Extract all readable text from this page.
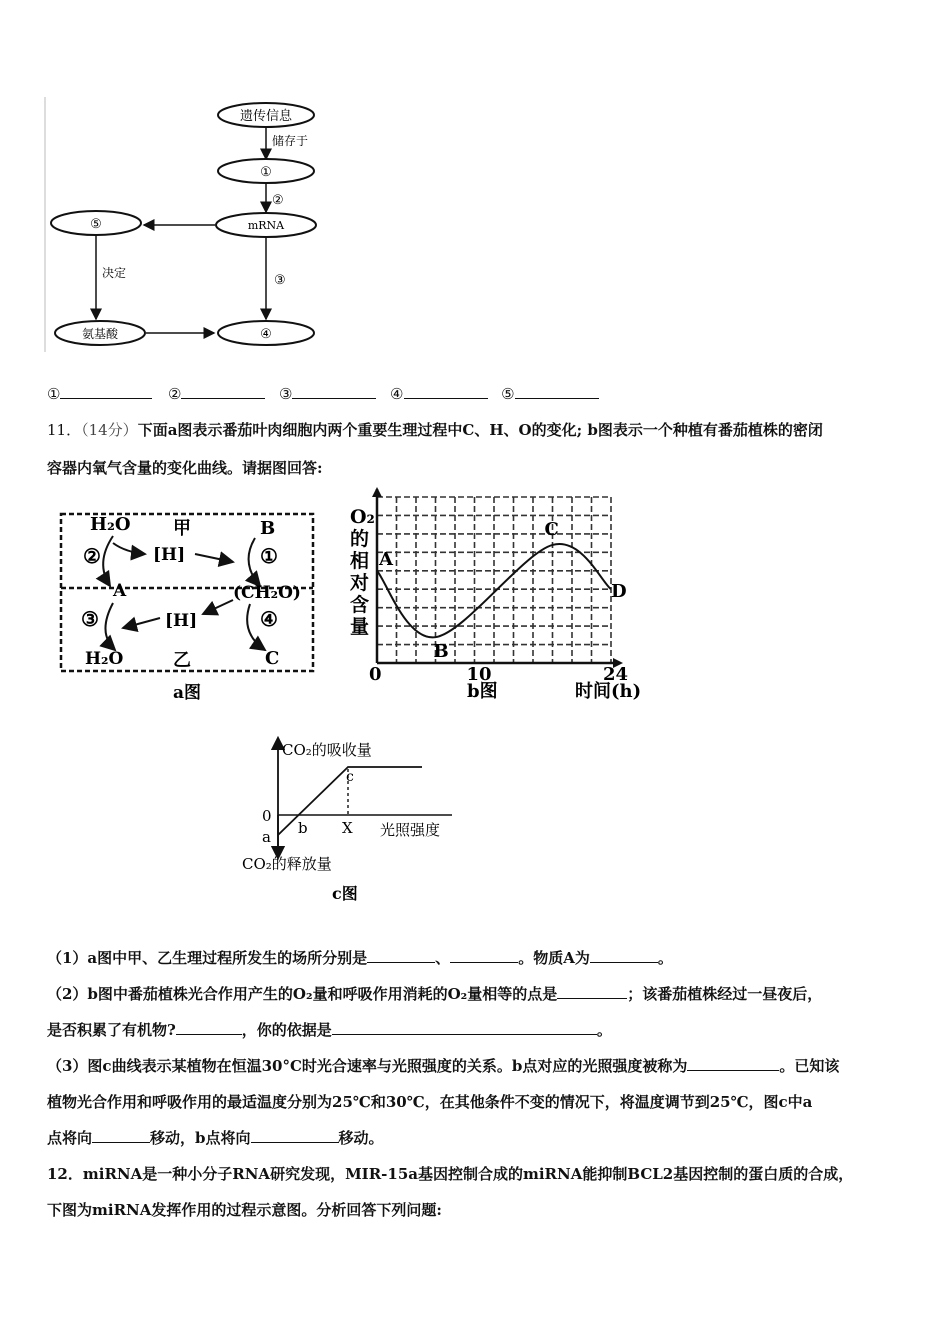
遗传信息
储存于
①
②
mRNA
⑤
决定	③
氨基酸	④
①	②	③	④	⑤
11．（14分）下面a图表示番茄叶肉细胞内两个重要生理过程中C、H、O的变化; b图表示一个种植有番茄植株的密闭
容器内氧气含量的变化曲线。请据图回答:
H₂O 甲	B
②	[H]	①
A	(CH₂O)
③	[H]	④
H₂O	乙	C
a图
O₂
的
相
对
含
量
A
B
C
D
0	10	24
b图	时间(h)
CO₂的吸收量
c
0
a b X 光照强度
CO₂的释放量
c图
（1）a图中甲、乙生理过程所发生的场所分别是	、	。物质A为	。
（2）b图中番茄植株光合作用产生的O₂量和呼吸作用消耗的O₂量相等的点是	；该番茄植株经过一昼夜后，
是否积累了有机物?	，你的依据是	。
（3）图c曲线表示某植物在恒温30°C时光合速率与光照强度的关系。b点对应的光照强度被称为	。已知该
植物光合作用和呼吸作用的最适温度分别为25℃和30℃，在其他条件不变的情况下，将温度调节到25℃，图c中a
点将向	移动，b点将向	移动。
12．miRNA是一种小分子RNA研究发现，MIR-15a基因控制合成的miRNA能抑制BCL2基因控制的蛋白质的合成，
下图为miRNA发挥作用的过程示意图。分析回答下列问题:
